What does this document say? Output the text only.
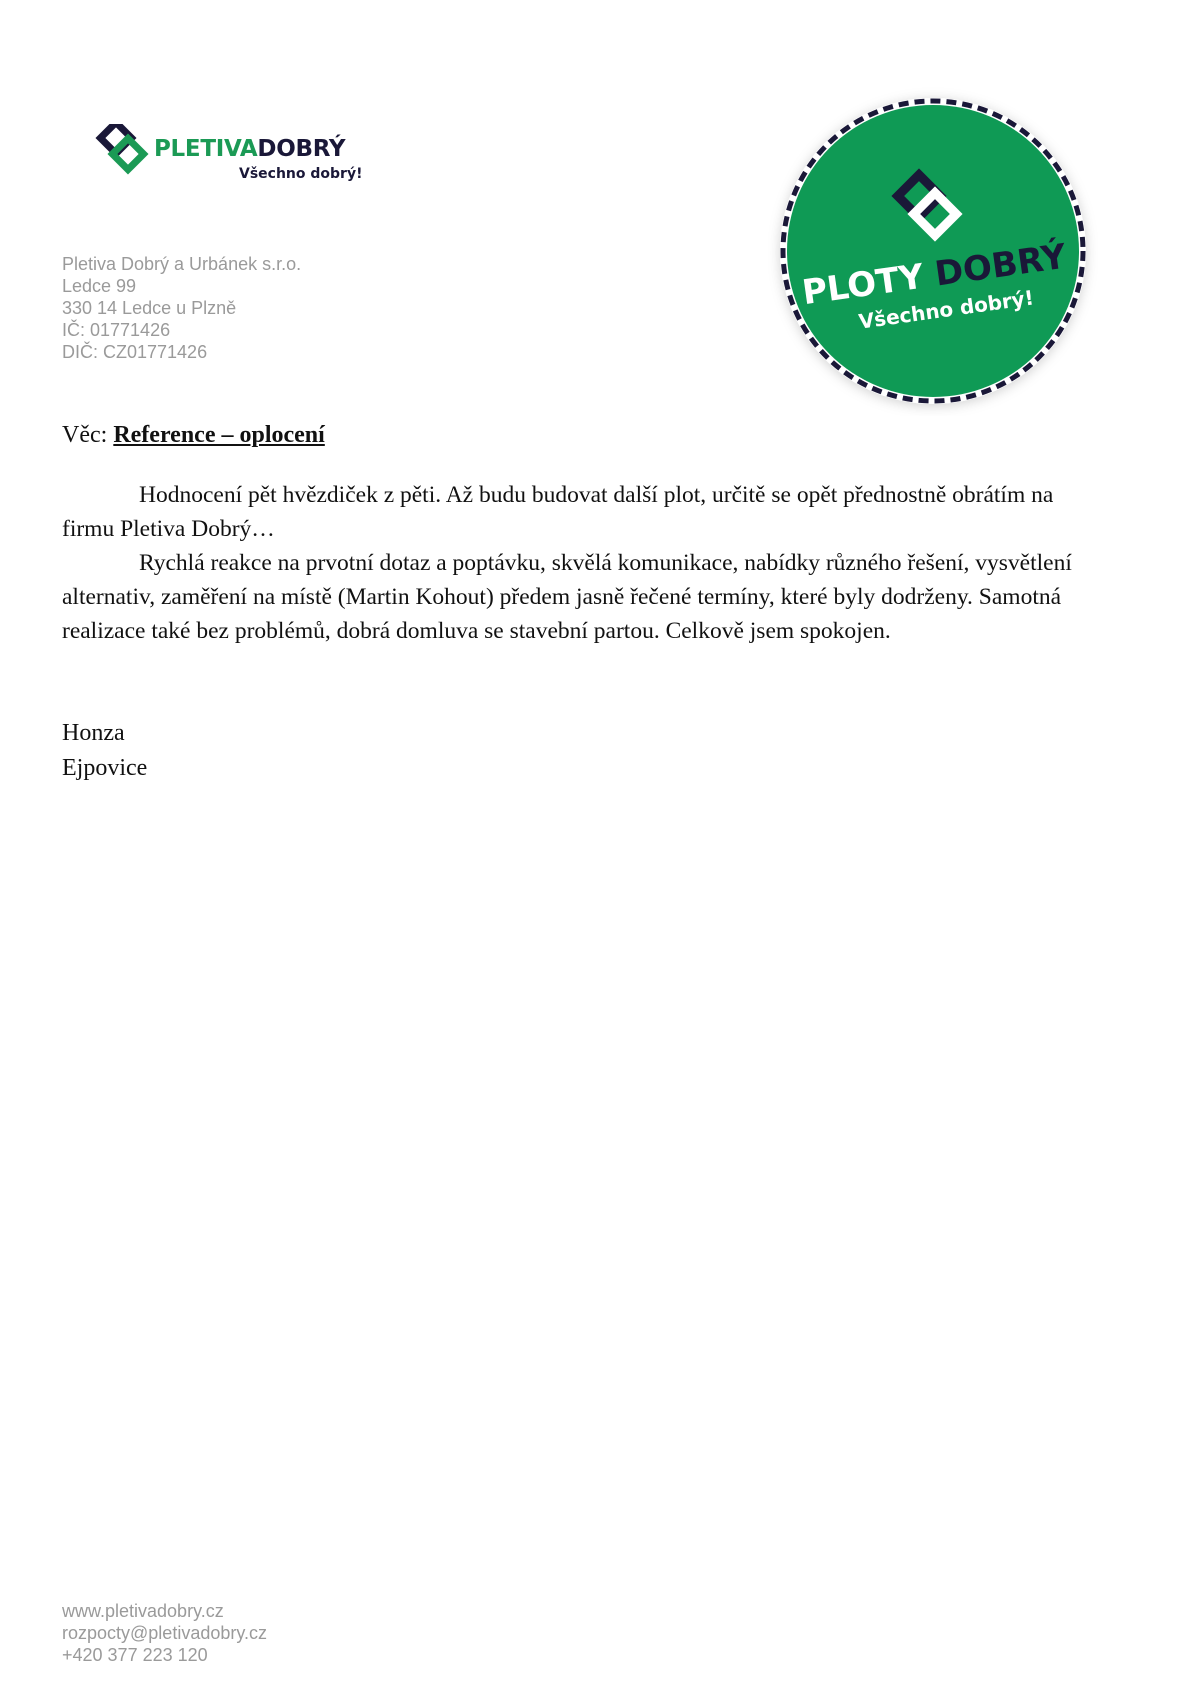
PLETIVADOBRÝ
Všechno dobrý!
Pletiva Dobrý a Urbánek s.r.o.
Ledce 99
330 14 Ledce u Plzně
IČ: 01771426
DIČ: CZ01771426
PLOTY DOBRÝ
Všechno dobrý!
Věc: Reference – oplocení

Hodnocení pět hvězdiček z pěti. Až budu budovat další plot, určitě se opět přednostně obrátím na firmu Pletiva Dobrý…

Rychlá reakce na prvotní dotaz a poptávku, skvělá komunikace, nabídky různého řešení, vysvětlení alternativ, zaměření na místě (Martin Kohout) předem jasně řečené termíny, které byly dodrženy. Samotná realizace také bez problémů, dobrá domluva se stavební partou. Celkově jsem spokojen.

Honza
Ejpovice
www.pletivadobry.cz
rozpocty@pletivadobry.cz
+420 377 223 120
